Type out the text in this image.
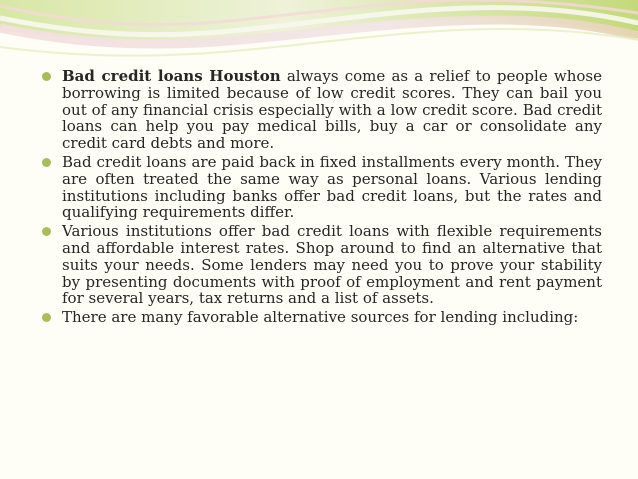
Bad credit loans Houston always come as a relief to people whose borrowing is limited because of low credit scores. They can bail you out of any financial crisis especially with a low credit score. Bad credit loans can help you pay medical bills, buy a car or consolidate any credit card debts and more.
Bad credit loans are paid back in fixed installments every month. They are often treated the same way as personal loans. Various lending institutions including banks offer bad credit loans, but the rates and qualifying requirements differ.
Various institutions offer bad credit loans with flexible requirements and affordable interest rates. Shop around to find an alternative that suits your needs. Some lenders may need you to prove your stability by presenting documents with proof of employment and rent payment for several years, tax returns and a list of assets.
There are many favorable alternative sources for lending including:
